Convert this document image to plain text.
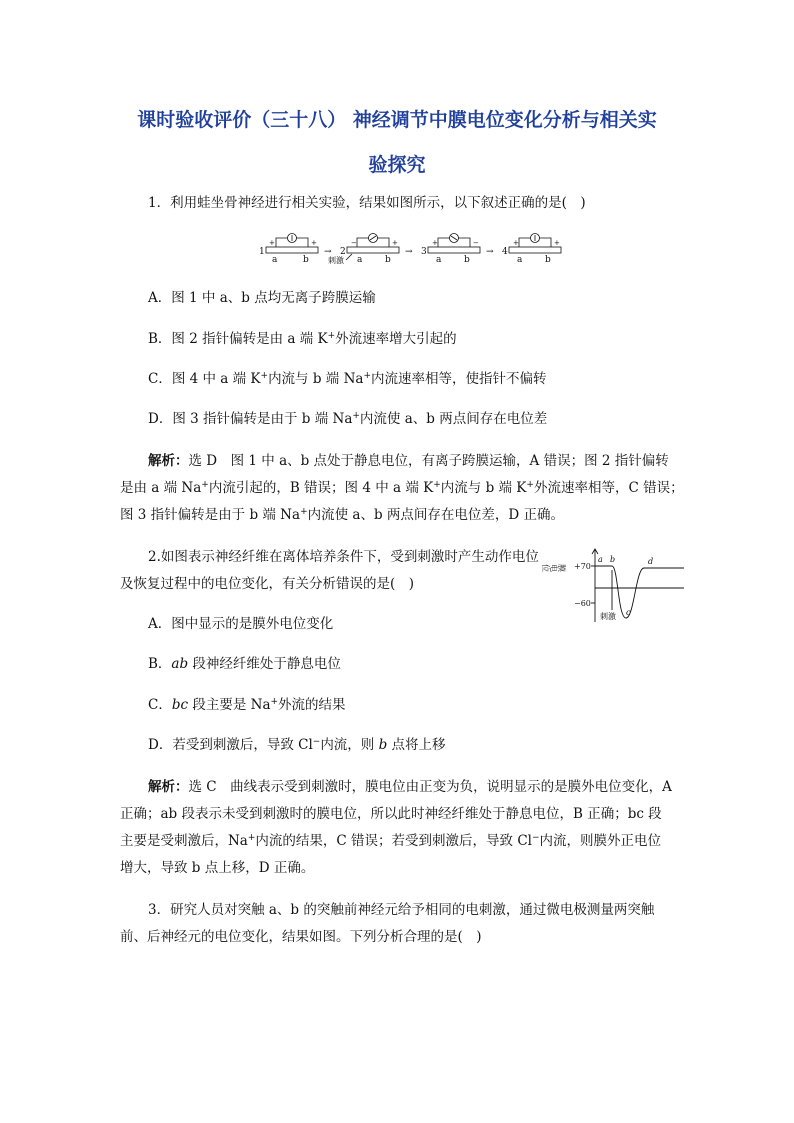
课时验收评价（三十八） 神经调节中膜电位变化分析与相关实
验探究
1．利用蛙坐骨神经进行相关实验，结果如图所示，以下叙述正确的是(　)
1	2	3	4
→	→	→
a	b	a	b	a	b	a	b
刺激
+	+	−	+	+	−	+	+
A．图 1 中 a、b 点均无离子跨膜运输
B．图 2 指针偏转是由 a 端 K+外流速率增大引起的
C．图 4 中 a 端 K+内流与 b 端 Na+内流速率相等，使指针不偏转
D．图 3 指针偏转是由于 b 端 Na+内流使 a、b 两点间存在电位差
解析：选 D　图 1 中 a、b 点处于静息电位，有离子跨膜运输，A 错误；图 2 指针偏转
是由 a 端 Na+内流引起的，B 错误；图 4 中 a 端 K+内流与 b 端 K+外流速率相等，C 错误；
图 3 指针偏转是由于 b 端 Na+内流使 a、b 两点间存在电位差，D 正确。
2.如图表示神经纤维在离体培养条件下，受到刺激时产生动作电位
及恢复过程中的电位变化，有关分析错误的是(　)
膜电位 +70
−60
a b
c
d
刺激
A．图中显示的是膜外电位变化
B．ab 段神经纤维处于静息电位
C．bc 段主要是 Na+外流的结果
D．若受到刺激后，导致 Cl−内流，则 b 点将上移
解析：选 C　曲线表示受到刺激时，膜电位由正变为负，说明显示的是膜外电位变化，A
正确；ab 段表示未受到刺激时的膜电位，所以此时神经纤维处于静息电位，B 正确；bc 段
主要是受刺激后，Na+内流的结果，C 错误；若受到刺激后，导致 Cl−内流，则膜外正电位
增大，导致 b 点上移，D 正确。
3．研究人员对突触 a、b 的突触前神经元给予相同的电刺激，通过微电极测量两突触
前、后神经元的电位变化，结果如图。下列分析合理的是(　)
